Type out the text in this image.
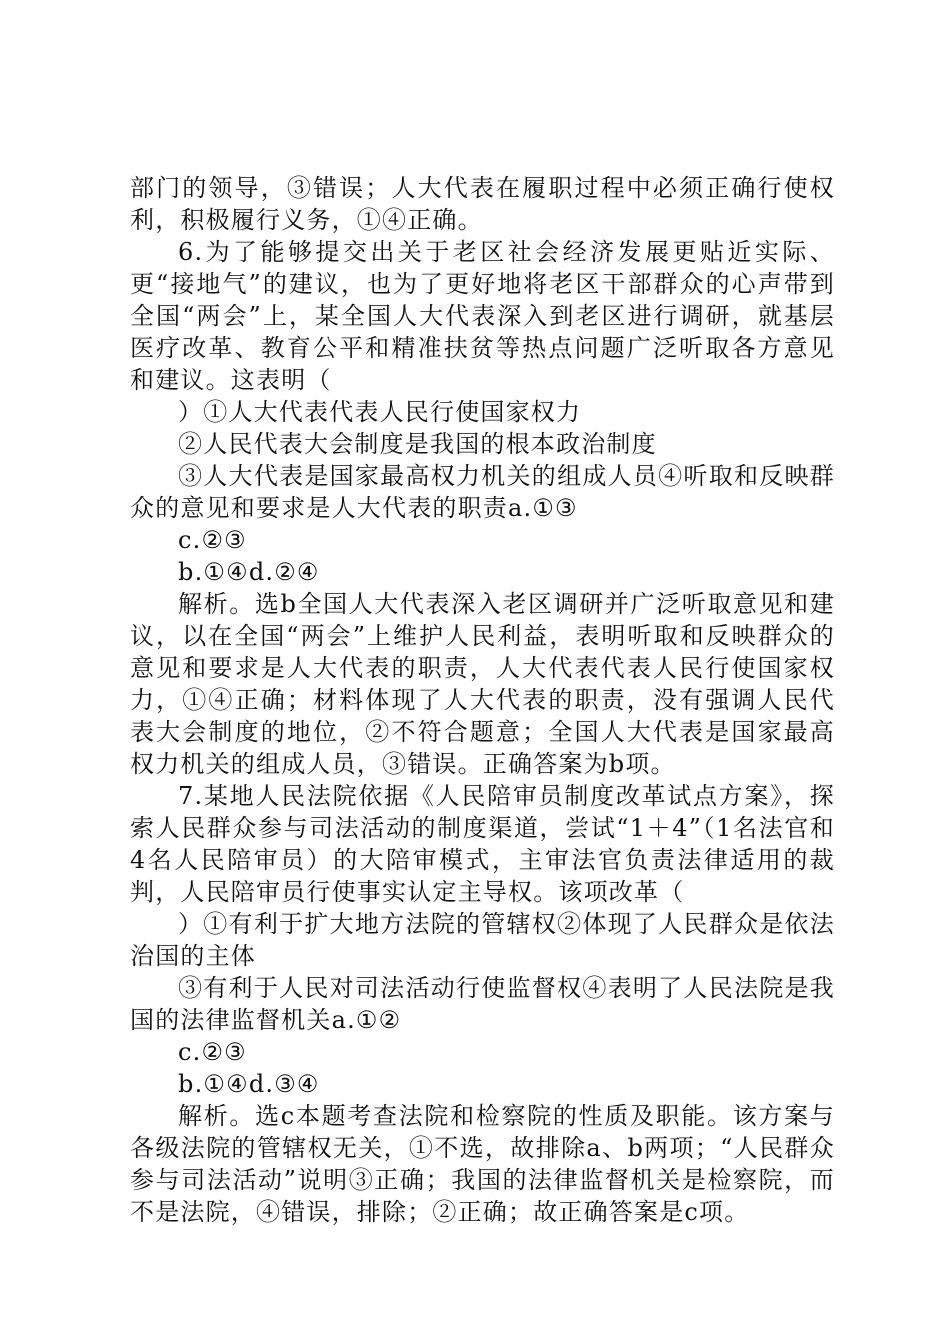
部门的领导，③错误；人大代表在履职过程中必须正确行使权利，积极履行义务，①④正确。

6.为了能够提交出关于老区社会经济发展更贴近实际、更“接地气”的建议，也为了更好地将老区干部群众的心声带到全国“两会”上，某全国人大代表深入到老区进行调研，就基层医疗改革、教育公平和精准扶贫等热点问题广泛听取各方意见和建议。这表明（

）①人大代表代表人民行使国家权力

②人民代表大会制度是我国的根本政治制度

③人大代表是国家最高权力机关的组成人员④听取和反映群众的意见和要求是人大代表的职责a.①③

c.②③

b.①④d.②④

解析。选b全国人大代表深入老区调研并广泛听取意见和建议，以在全国“两会”上维护人民利益，表明听取和反映群众的意见和要求是人大代表的职责，人大代表代表人民行使国家权力，①④正确；材料体现了人大代表的职责，没有强调人民代表大会制度的地位，②不符合题意；全国人大代表是国家最高权力机关的组成人员，③错误。正确答案为b项。

7.某地人民法院依据《人民陪审员制度改革试点方案》，探索人民群众参与司法活动的制度渠道，尝试“1＋4”（1名法官和4名人民陪审员）的大陪审模式，主审法官负责法律适用的裁判，人民陪审员行使事实认定主导权。该项改革（

）①有利于扩大地方法院的管辖权②体现了人民群众是依法治国的主体

③有利于人民对司法活动行使监督权④表明了人民法院是我国的法律监督机关a.①②

c.②③

b.①④d.③④

解析。选c本题考查法院和检察院的性质及职能。该方案与各级法院的管辖权无关，①不选，故排除a、b两项；“人民群众参与司法活动”说明③正确；我国的法律监督机关是检察院，而不是法院，④错误，排除；②正确；故正确答案是c项。
